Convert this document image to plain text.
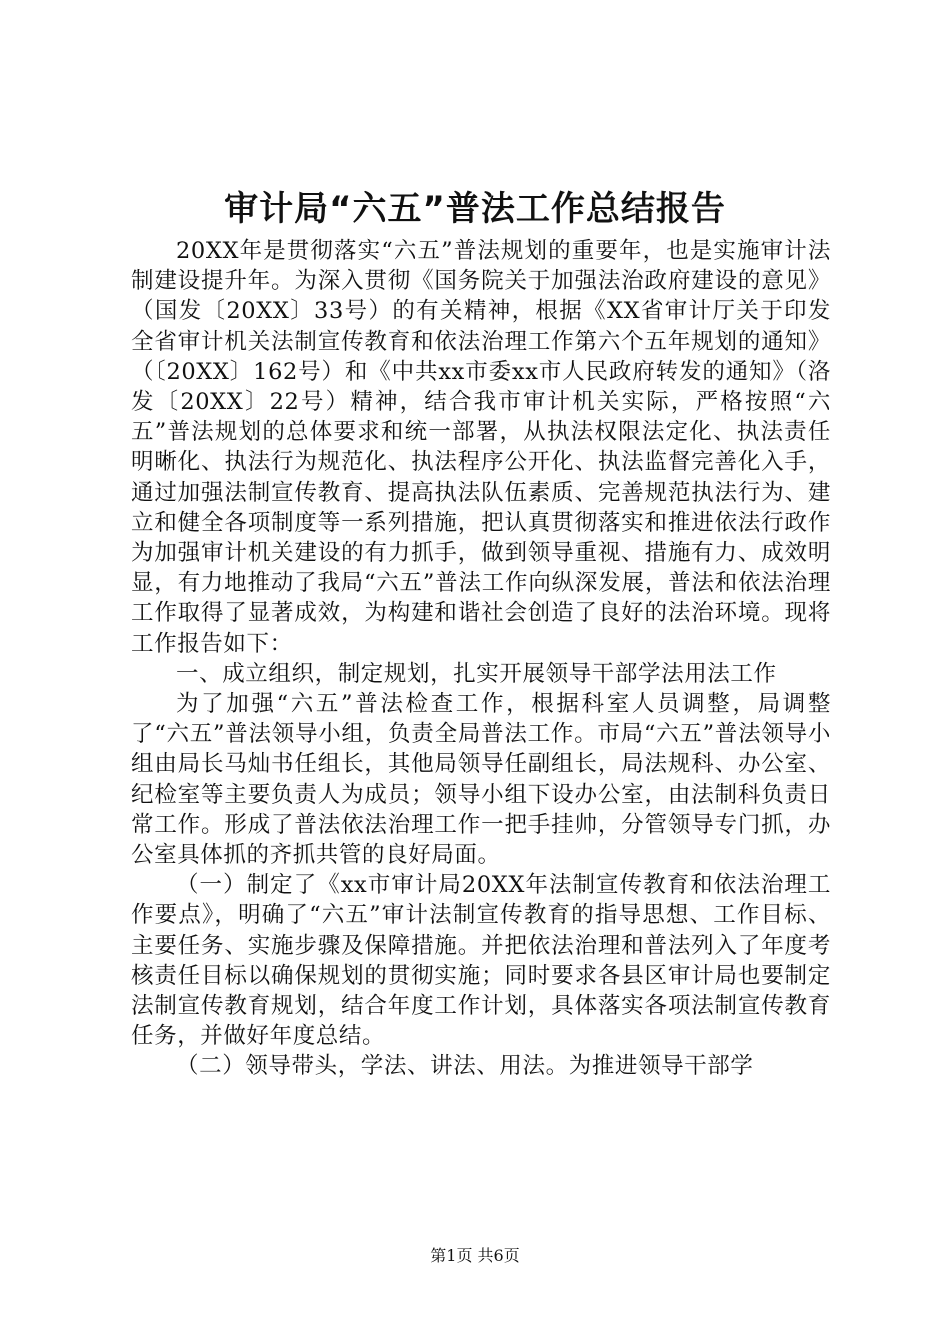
审计局“六五”普法工作总结报告

20XX年是贯彻落实“六五”普法规划的重要年，也是实施审计法制建设提升年。为深入贯彻《国务院关于加强法治政府建设的意见》（国发〔20XX〕33号）的有关精神，根据《XX省审计厅关于印发全省审计机关法制宣传教育和依法治理工作第六个五年规划的通知》（〔20XX〕162号）和《中共xx市委xx市人民政府转发的通知》（洛发〔20XX〕22号）精神，结合我市审计机关实际，严格按照“六五”普法规划的总体要求和统一部署，从执法权限法定化、执法责任明晰化、执法行为规范化、执法程序公开化、执法监督完善化入手，通过加强法制宣传教育、提高执法队伍素质、完善规范执法行为、建立和健全各项制度等一系列措施，把认真贯彻落实和推进依法行政作为加强审计机关建设的有力抓手，做到领导重视、措施有力、成效明显，有力地推动了我局“六五”普法工作向纵深发展，普法和依法治理工作取得了显著成效，为构建和谐社会创造了良好的法治环境。现将工作报告如下：

一、成立组织，制定规划，扎实开展领导干部学法用法工作

为了加强“六五”普法检查工作，根据科室人员调整，局调整了“六五”普法领导小组，负责全局普法工作。市局“六五”普法领导小组由局长马灿书任组长，其他局领导任副组长，局法规科、办公室、纪检室等主要负责人为成员；领导小组下设办公室，由法制科负责日常工作。形成了普法依法治理工作一把手挂帅，分管领导专门抓，办公室具体抓的齐抓共管的良好局面。

（一）制定了《xx市审计局20XX年法制宣传教育和依法治理工作要点》，明确了“六五”审计法制宣传教育的指导思想、工作目标、主要任务、实施步骤及保障措施。并把依法治理和普法列入了年度考核责任目标以确保规划的贯彻实施；同时要求各县区审计局也要制定法制宣传教育规划，结合年度工作计划，具体落实各项法制宣传教育任务，并做好年度总结。

（二）领导带头，学法、讲法、用法。为推进领导干部学

第1页 共6页
